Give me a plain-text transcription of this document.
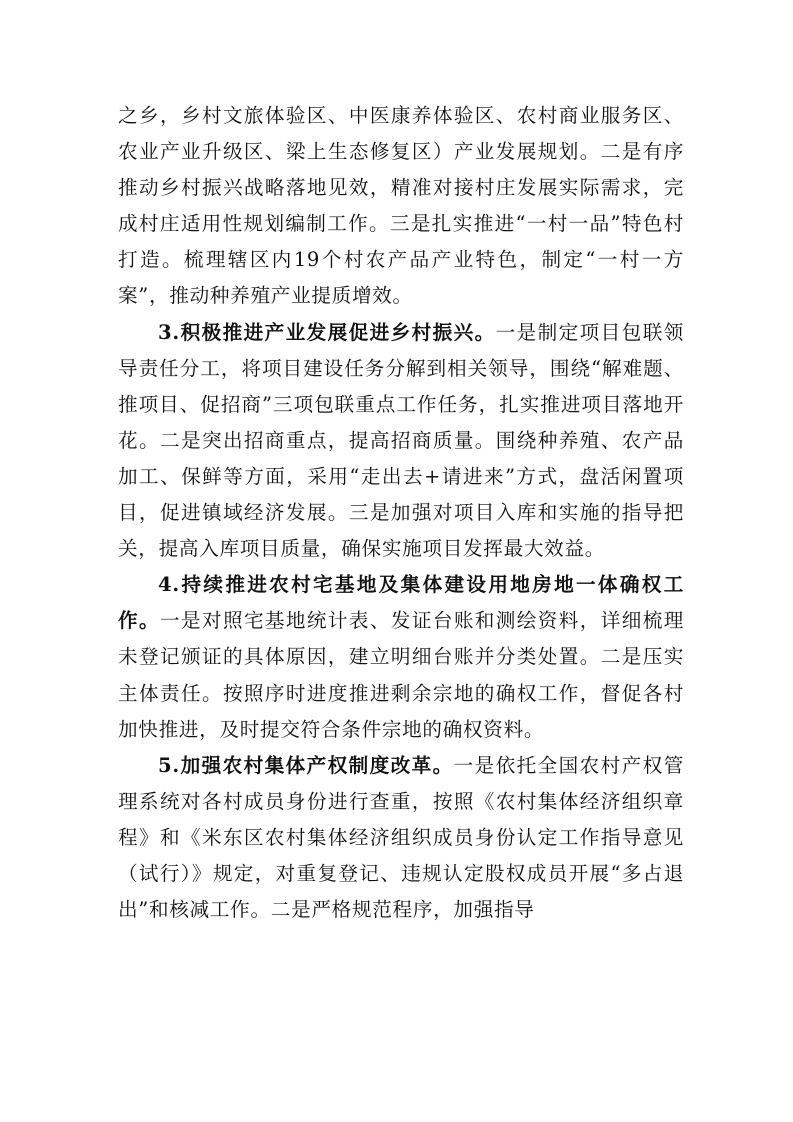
之乡，乡村文旅体验区、中医康养体验区、农村商业服务区、农业产业升级区、梁上生态修复区）产业发展规划。二是有序推动乡村振兴战略落地见效，精准对接村庄发展实际需求，完成村庄适用性规划编制工作。三是扎实推进“一村一品”特色村打造。梳理辖区内19个村农产品产业特色，制定“一村一方案”，推动种养殖产业提质增效。

3.积极推进产业发展促进乡村振兴。一是制定项目包联领导责任分工，将项目建设任务分解到相关领导，围绕“解难题、推项目、促招商”三项包联重点工作任务，扎实推进项目落地开花。二是突出招商重点，提高招商质量。围绕种养殖、农产品加工、保鲜等方面，采用“走出去+请进来”方式，盘活闲置项目，促进镇域经济发展。三是加强对项目入库和实施的指导把关，提高入库项目质量，确保实施项目发挥最大效益。

4.持续推进农村宅基地及集体建设用地房地一体确权工作。一是对照宅基地统计表、发证台账和测绘资料，详细梳理未登记颁证的具体原因，建立明细台账并分类处置。二是压实主体责任。按照序时进度推进剩余宗地的确权工作，督促各村加快推进，及时提交符合条件宗地的确权资料。

5.加强农村集体产权制度改革。一是依托全国农村产权管理系统对各村成员身份进行查重，按照《农村集体经济组织章程》和《米东区农村集体经济组织成员身份认定工作指导意见（试行）》规定，对重复登记、违规认定股权成员开展“多占退出”和核减工作。二是严格规范程序，加强指导
